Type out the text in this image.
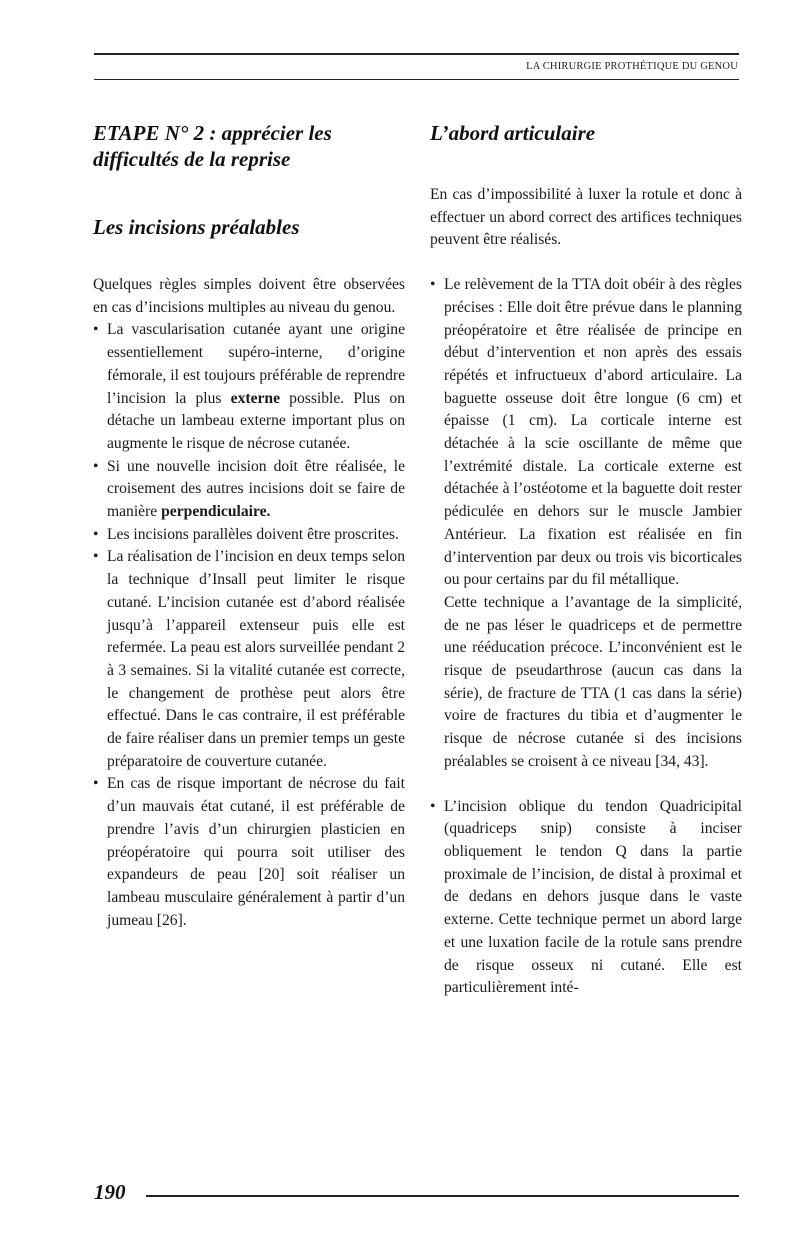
LA CHIRURGIE PROTHÉTIQUE DU GENOU
ETAPE N° 2 : apprécier les difficultés de la reprise
Les incisions préalables

Quelques règles simples doivent être observées en cas d’incisions multiples au niveau du genou.

• La vascularisation cutanée ayant une origine essentiellement supéro-interne, d’origine fémorale, il est toujours préférable de reprendre l’incision la plus externe possible. Plus on détache un lambeau externe important plus on augmente le risque de nécrose cutanée.
• Si une nouvelle incision doit être réalisée, le croisement des autres incisions doit se faire de manière perpendiculaire.
• Les incisions parallèles doivent être proscrites.
• La réalisation de l’incision en deux temps selon la technique d’Insall peut limiter le risque cutané. L’incision cutanée est d’abord réalisée jusqu’à l’appareil extenseur puis elle est refermée. La peau est alors surveillée pendant 2 à 3 semaines. Si la vitalité cutanée est correcte, le changement de prothèse peut alors être effectué. Dans le cas contraire, il est préférable de faire réaliser dans un premier temps un geste préparatoire de couverture cutanée.
• En cas de risque important de nécrose du fait d’un mauvais état cutané, il est préférable de prendre l’avis d’un chirurgien plasticien en préopératoire qui pourra soit utiliser des expandeurs de peau [20] soit réaliser un lambeau musculaire généralement à partir d’un jumeau [26].
L’abord articulaire

En cas d’impossibilité à luxer la rotule et donc à effectuer un abord correct des artifices techniques peuvent être réalisés.

• Le relèvement de la TTA doit obéir à des règles précises : Elle doit être prévue dans le planning préopératoire et être réalisée de principe en début d’intervention et non après des essais répétés et infructueux d’abord articulaire. La baguette osseuse doit être longue (6 cm) et épaisse (1 cm). La corticale interne est détachée à la scie oscillante de même que l’extrémité distale. La corticale externe est détachée à l’ostéotome et la baguette doit rester pédiculée en dehors sur le muscle Jambier Antérieur. La fixation est réalisée en fin d’intervention par deux ou trois vis bicorticales ou pour certains par du fil métallique.
Cette technique a l’avantage de la simplicité, de ne pas léser le quadriceps et de permettre une rééducation précoce. L’inconvénient est le risque de pseudarthrose (aucun cas dans la série), de fracture de TTA (1 cas dans la série) voire de fractures du tibia et d’augmenter le risque de nécrose cutanée si des incisions préalables se croisent à ce niveau [34, 43].
• L’incision oblique du tendon Quadricipital (quadriceps snip) consiste à inciser obliquement le tendon Q dans la partie proximale de l’incision, de distal à proximal et de dedans en dehors jusque dans le vaste externe. Cette technique permet un abord large et une luxation facile de la rotule sans prendre de risque osseux ni cutané. Elle est particulièrement inté-
190
